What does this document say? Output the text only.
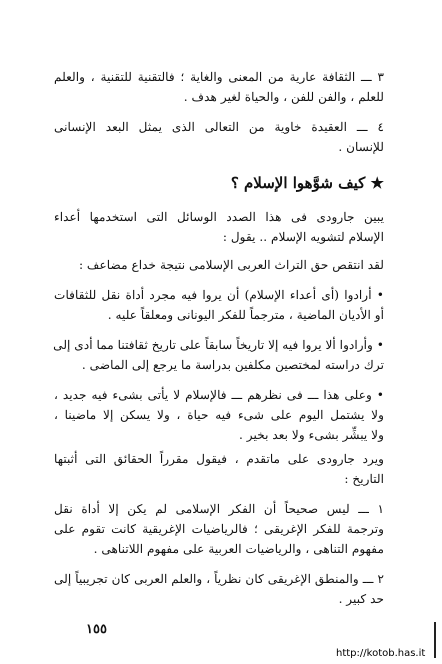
٣ ـــ الثقافة عارية من المعنى والغاية ؛ فالتقنية للتقنية ، والعلم
للعلم ، والفن للفن ، والحياة لغير هدف .
٤ ـــ العقيدة خاوية من التعالى الذى يمثل البعد الإنسانى
للإنسان .
★ كيف شوَّهوا الإسلام ؟
يبين جارودى فى هذا الصدد الوسائل التى استخدمها أعداء
الإسلام لتشويه الإسلام .. يقول :
لقد انتقص حق التراث العربى الإسلامى نتيجة خداع مضاعف :
• أرادوا (أى أعداء الإسلام) أن يروا فيه مجرد أداة نقل للثقافات
أو الأديان الماضية ، مترجماً للفكر اليونانى ومعلقاً عليه .
• وأرادوا ألا يروا فيه إلا تاريخاً سابقاً على تاريخ ثقافتنا مما أدى إلى
ترك دراسته لمختصين مكلفين بدراسة ما يرجع إلى الماضى .
• وعلى هذا ـــ فى نظرهم ـــ فالإسلام لا يأتى بشىء فيه جديد ،
ولا يشتمل اليوم على شىء فيه حياة ، ولا يسكن إلا ماضينا ،
ولا يبشِّر بشىء ولا بعد بخير .
ويرد جارودى على ماتقدم ، فيقول مقرراً الحقائق التى أثبتها
التاريخ :
١ ـــ ليس صحيحاً أن الفكر الإسلامى لم يكن إلا أداة نقل
وترجمة للفكر الإغريقى ؛ فالرياضيات الإغريقية كانت تقوم على
مفهوم التناهى ، والرياضيات العربية على مفهوم اللاتناهى .
٢ ـــ والمنطق الإغريقى كان نظرياً ، والعلم العربى كان تجريبياً إلى
حد كبير .
١٥٥
http://kotob.has.it
